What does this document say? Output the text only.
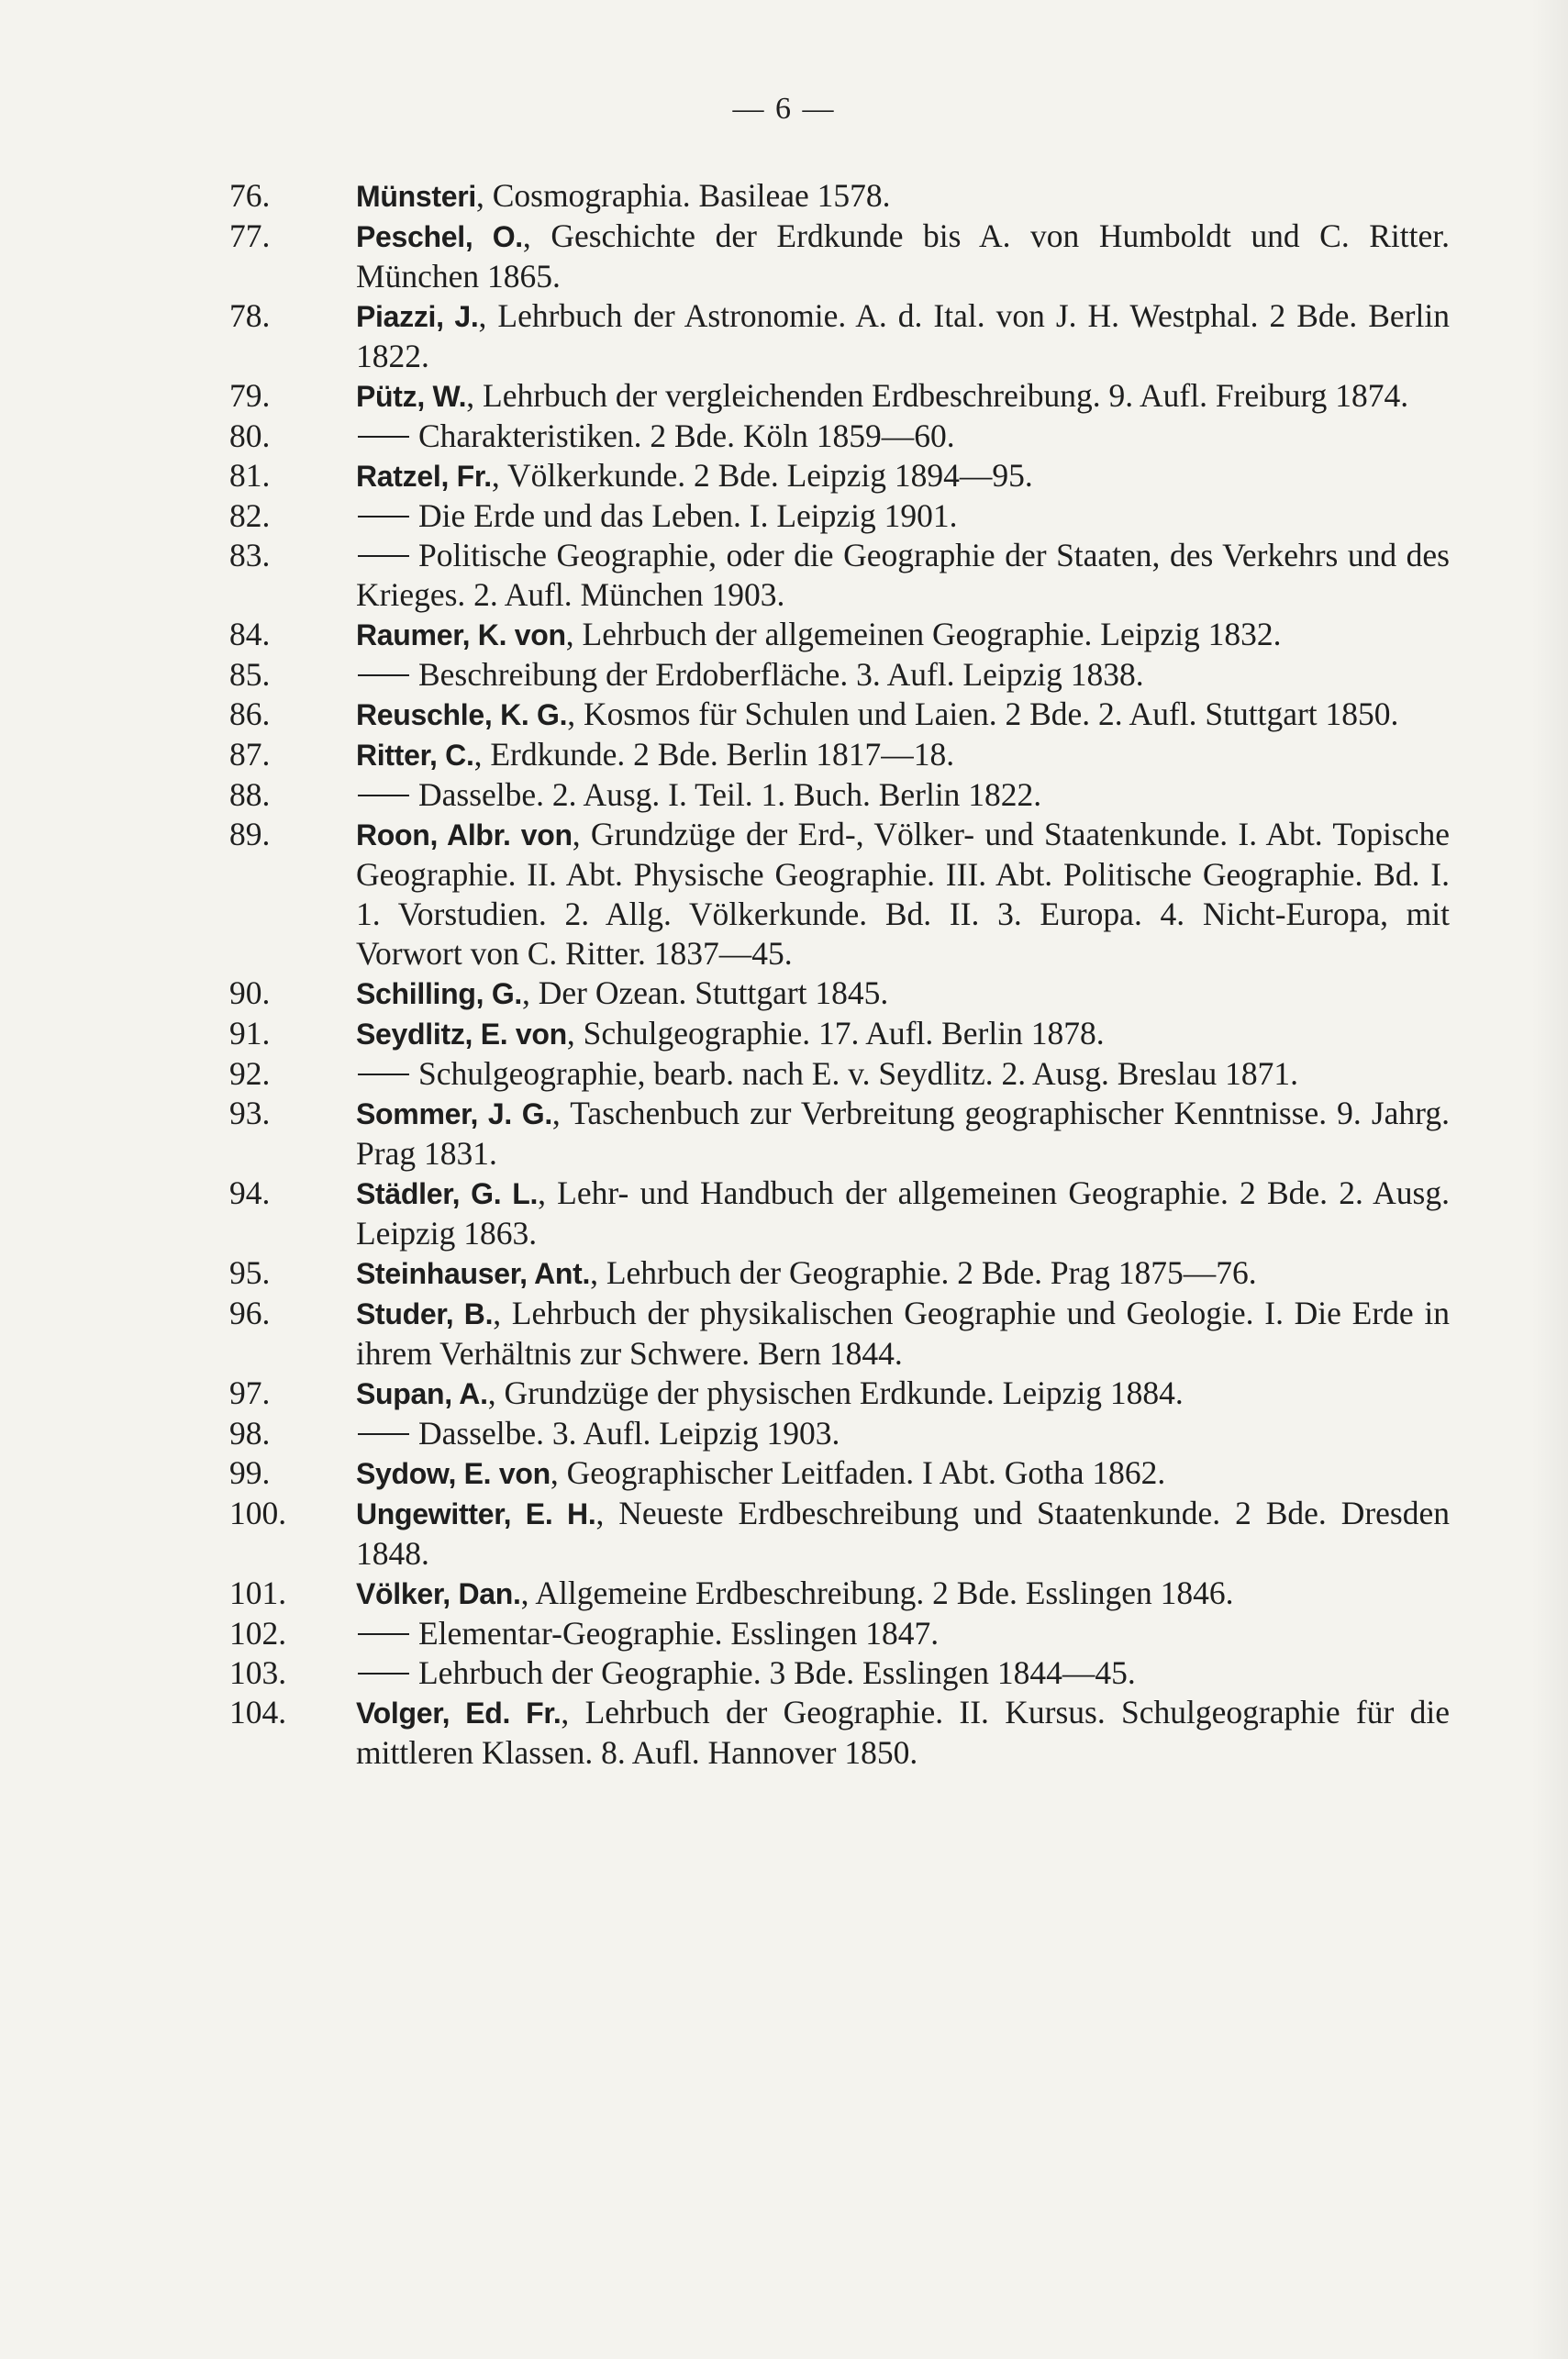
— 6 —
76.	Münsteri, Cosmographia. Basileae 1578.
77.	Peschel, O., Geschichte der Erdkunde bis A. von Humboldt und C. Ritter. München 1865.
78.	Piazzi, J., Lehrbuch der Astronomie. A. d. Ital. von J. H. Westphal. 2 Bde. Berlin 1822.
79.	Pütz, W., Lehrbuch der vergleichenden Erdbeschreibung. 9. Aufl. Freiburg 1874.
80.	Charakteristiken. 2 Bde. Köln 1859—60.
81.	Ratzel, Fr., Völkerkunde. 2 Bde. Leipzig 1894—95.
82.	Die Erde und das Leben. I. Leipzig 1901.
83.	Politische Geographie, oder die Geographie der Staaten, des Verkehrs und des Krieges. 2. Aufl. München 1903.
84.	Raumer, K. von, Lehrbuch der allgemeinen Geographie. Leipzig 1832.
85.	Beschreibung der Erdoberfläche. 3. Aufl. Leipzig 1838.
86.	Reuschle, K. G., Kosmos für Schulen und Laien. 2 Bde. 2. Aufl. Stuttgart 1850.
87.	Ritter, C., Erdkunde. 2 Bde. Berlin 1817—18.
88.	Dasselbe. 2. Ausg. I. Teil. 1. Buch. Berlin 1822.
89.	Roon, Albr. von, Grundzüge der Erd-, Völker- und Staatenkunde. I. Abt. Topische Geographie. II. Abt. Physische Geographie. III. Abt. Politische Geographie. Bd. I. 1. Vorstudien. 2. Allg. Völkerkunde. Bd. II. 3. Europa. 4. Nicht-Europa, mit Vorwort von C. Ritter. 1837—45.
90.	Schilling, G., Der Ozean. Stuttgart 1845.
91.	Seydlitz, E. von, Schulgeographie. 17. Aufl. Berlin 1878.
92.	Schulgeographie, bearb. nach E. v. Seydlitz. 2. Ausg. Breslau 1871.
93.	Sommer, J. G., Taschenbuch zur Verbreitung geographischer Kenntnisse. 9. Jahrg. Prag 1831.
94.	Städler, G. L., Lehr- und Handbuch der allgemeinen Geographie. 2 Bde. 2. Ausg. Leipzig 1863.
95.	Steinhauser, Ant., Lehrbuch der Geographie. 2 Bde. Prag 1875—76.
96.	Studer, B., Lehrbuch der physikalischen Geographie und Geologie. I. Die Erde in ihrem Verhältnis zur Schwere. Bern 1844.
97.	Supan, A., Grundzüge der physischen Erdkunde. Leipzig 1884.
98.	Dasselbe. 3. Aufl. Leipzig 1903.
99.	Sydow, E. von, Geographischer Leitfaden. I Abt. Gotha 1862.
100.	Ungewitter, E. H., Neueste Erdbeschreibung und Staatenkunde. 2 Bde. Dresden 1848.
101.	Völker, Dan., Allgemeine Erdbeschreibung. 2 Bde. Esslingen 1846.
102.	Elementar-Geographie. Esslingen 1847.
103.	Lehrbuch der Geographie. 3 Bde. Esslingen 1844—45.
104.	Volger, Ed. Fr., Lehrbuch der Geographie. II. Kursus. Schulgeographie für die mittleren Klassen. 8. Aufl. Hannover 1850.
